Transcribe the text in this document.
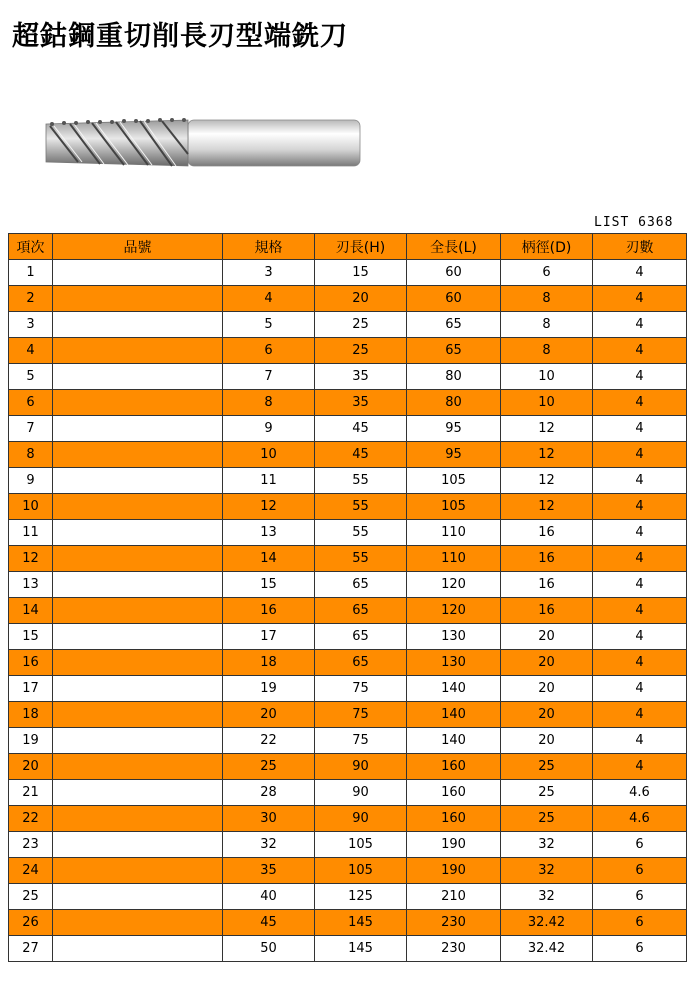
超鈷鋼重切削長刃型端銑刀
LIST 6368
項次	品號	規格	刃長(H)	全長(L)	柄徑(D)	刃數
1		3	15	60	6	4
2		4	20	60	8	4
3		5	25	65	8	4
4		6	25	65	8	4
5		7	35	80	10	4
6		8	35	80	10	4
7		9	45	95	12	4
8		10	45	95	12	4
9		11	55	105	12	4
10		12	55	105	12	4
11		13	55	110	16	4
12		14	55	110	16	4
13		15	65	120	16	4
14		16	65	120	16	4
15		17	65	130	20	4
16		18	65	130	20	4
17		19	75	140	20	4
18		20	75	140	20	4
19		22	75	140	20	4
20		25	90	160	25	4
21		28	90	160	25	4.6
22		30	90	160	25	4.6
23		32	105	190	32	6
24		35	105	190	32	6
25		40	125	210	32	6
26		45	145	230	32.42	6
27		50	145	230	32.42	6
